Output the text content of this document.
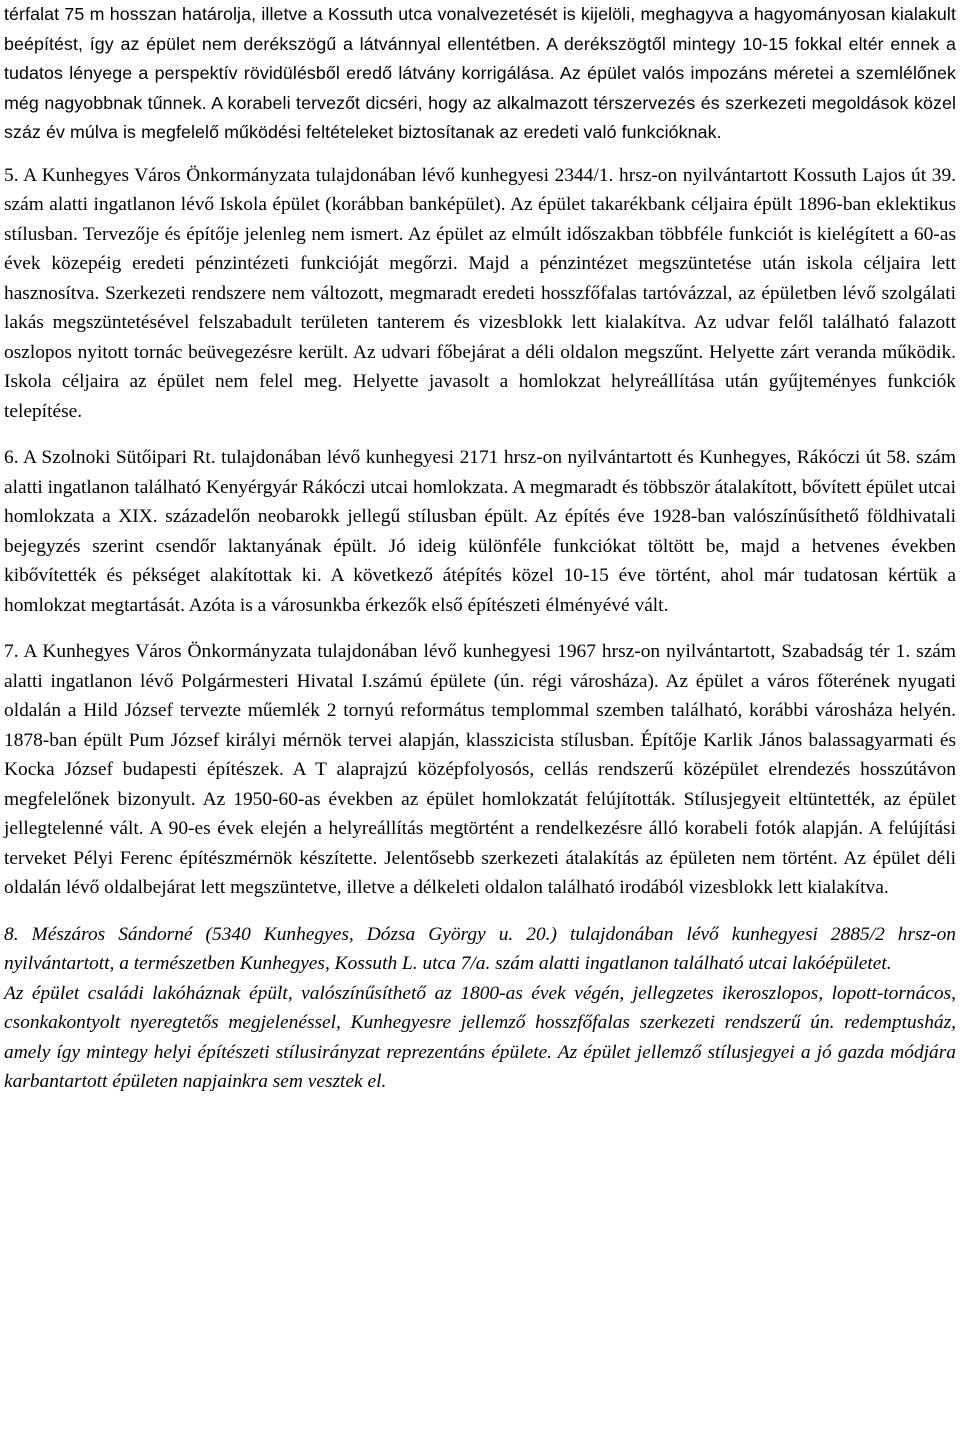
térfalat 75 m hosszan határolja, illetve a Kossuth utca vonalvezetését is kijelöli, meghagyva a hagyományosan kialakult beépítést, így az épület nem derékszögű a látvánnyal ellentétben. A derékszögtől mintegy 10-15 fokkal eltér ennek a tudatos lényege a perspektív rövidülésből eredő látvány korrigálása. Az épület valós impozáns méretei a szemlélőnek még nagyobbnak tűnnek. A korabeli tervezőt dicséri, hogy az alkalmazott térszervezés és szerkezeti megoldások közel száz év múlva is megfelelő működési feltételeket biztosítanak az eredeti való funkcióknak.

5. A Kunhegyes Város Önkormányzata tulajdonában lévő kunhegyesi 2344/1. hrsz-on nyilvántartott Kossuth Lajos út 39. szám alatti ingatlanon lévő Iskola épület (korábban banképület). Az épület takarékbank céljaira épült 1896-ban eklektikus stílusban. Tervezője és építője jelenleg nem ismert. Az épület az elmúlt időszakban többféle funkciót is kielégített a 60-as évek közepéig eredeti pénzintézeti funkcióját megőrzi. Majd a pénzintézet megszüntetése után iskola céljaira lett hasznosítva. Szerkezeti rendszere nem változott, megmaradt eredeti hosszfőfalas tartóvázzal, az épületben lévő szolgálati lakás megszüntetésével felszabadult területen tanterem és vizesblokk lett kialakítva. Az udvar felől található falazott oszlopos nyitott tornác beüvegezésre került. Az udvari főbejárat a déli oldalon megszűnt. Helyette zárt veranda működik. Iskola céljaira az épület nem felel meg. Helyette javasolt a homlokzat helyreállítása után gyűjteményes funkciók telepítése.

6. A Szolnoki Sütőipari Rt. tulajdonában lévő kunhegyesi 2171 hrsz-on nyilvántartott és Kunhegyes, Rákóczi út 58. szám alatti ingatlanon található Kenyérgyár Rákóczi utcai homlokzata. A megmaradt és többször átalakított, bővített épület utcai homlokzata a XIX. századelőn neobarokk jellegű stílusban épült. Az építés éve 1928-ban valószínűsíthető földhivatali bejegyzés szerint csendőr laktanyának épült. Jó ideig különféle funkciókat töltött be, majd a hetvenes években kibővítették és pékséget alakítottak ki. A következő átépítés közel 10-15 éve történt, ahol már tudatosan kértük a homlokzat megtartását. Azóta is a városunkba érkezők első építészeti élményévé vált.

7. A Kunhegyes Város Önkormányzata tulajdonában lévő kunhegyesi 1967 hrsz-on nyilvántartott, Szabadság tér 1. szám alatti ingatlanon lévő Polgármesteri Hivatal I.számú épülete (ún. régi városháza). Az épület a város főterének nyugati oldalán a Hild József tervezte műemlék 2 tornyú református templommal szemben található, korábbi városháza helyén. 1878-ban épült Pum József királyi mérnök tervei alapján, klasszicista stílusban. Építője Karlik János balassagyarmati és Kocka József budapesti építészek. A T alaprajzú középfolyosós, cellás rendszerű középület elrendezés hosszútávon megfelelőnek bizonyult. Az 1950-60-as években az épület homlokzatát felújították. Stílusjegyeit eltüntették, az épület jellegtelenné vált. A 90-es évek elején a helyreállítás megtörtént a rendelkezésre álló korabeli fotók alapján. A felújítási terveket Pélyi Ferenc építészmérnök készítette. Jelentősebb szerkezeti átalakítás az épületen nem történt. Az épület déli oldalán lévő oldalbejárat lett megszüntetve, illetve a délkeleti oldalon található irodából vizesblokk lett kialakítva.

8. Mészáros Sándorné (5340 Kunhegyes, Dózsa György u. 20.) tulajdonában lévő kunhegyesi 2885/2 hrsz-on nyilvántartott, a természetben Kunhegyes, Kossuth L. utca 7/a. szám alatti ingatlanon található utcai lakóépületet.

Az épület családi lakóháznak épült, valószínűsíthető az 1800-as évek végén, jellegzetes ikeroszlopos, lopott-tornácos, csonkakontyolt nyeregtetős megjelenéssel, Kunhegyesre jellemző hosszfőfalas szerkezeti rendszerű ún. redemptusház, amely így mintegy helyi építészeti stílusirányzat reprezentáns épülete. Az épület jellemző stílusjegyei a jó gazda módjára karbantartott épületen napjainkra sem vesztek el.
